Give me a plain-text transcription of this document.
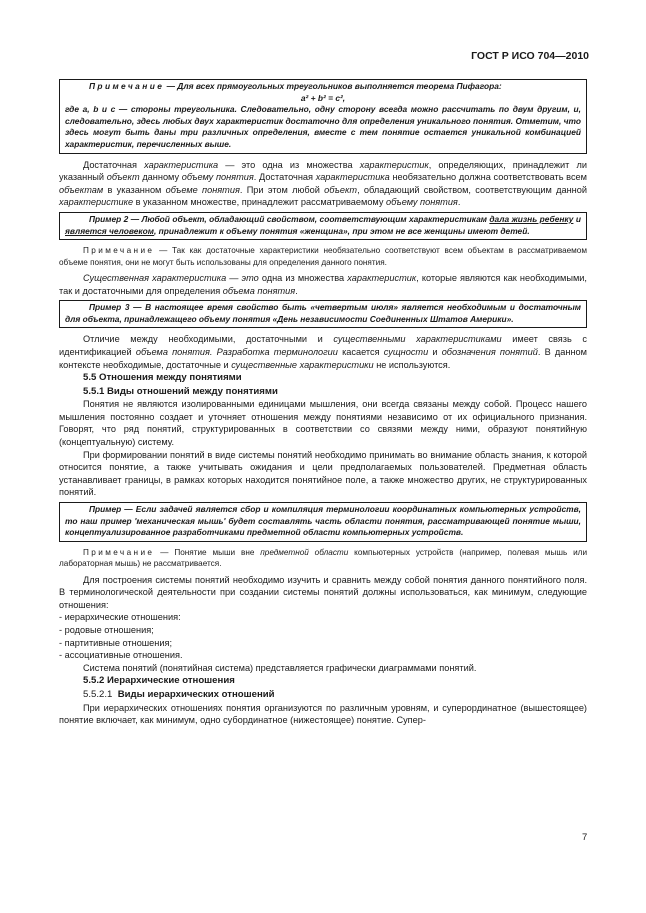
ГОСТ Р ИСО 704—2010

Примечание — Для всех прямоугольных треугольников выполняется теорема Пифагора:

a² + b² = c²,

где a, b и c — стороны треугольника. Следовательно, одну сторону всегда можно рассчитать по двум другим, и, следовательно, здесь любых двух характеристик достаточно для определения уникального понятия. Отметим, что здесь могут быть даны три различных определения, вместе с тем понятие остается уникальной комбинацией характеристик, перечисленных выше.

Достаточная характеристика — это одна из множества характеристик, определяющих, принадлежит ли указанный объект данному объему понятия. Достаточная характеристика необязательно должна соответствовать всем объектам в указанном объеме понятия. При этом любой объект, обладающий свойством, соответствующим данной характеристике в указанном множестве, принадлежит рассматриваемому объему понятия.

Пример 2 — Любой объект, обладающий свойством, соответствующим характеристикам дала жизнь ребенку и является человеком, принадлежит к объему понятия «женщина», при этом не все женщины имеют детей.

Примечание — Так как достаточные характеристики необязательно соответствуют всем объектам в рассматриваемом объеме понятия, они не могут быть использованы для определения данного понятия.

Существенная характеристика — это одна из множества характеристик, которые являются как необходимыми, так и достаточными для определения объема понятия.

Пример 3 — В настоящее время свойство быть «четвертым июля» является необходимым и достаточным для объекта, принадлежащего объему понятия «День независимости Соединенных Штатов Америки».

Отличие между необходимыми, достаточными и существенными характеристиками имеет связь с идентификацией объема понятия. Разработка терминологии касается сущности и обозначения понятий. В данном контексте необходимые, достаточные и существенные характеристики не используются.

5.5 Отношения между понятиями
5.5.1 Виды отношений между понятиями

Понятия не являются изолированными единицами мышления, они всегда связаны между собой. Процесс нашего мышления постоянно создает и уточняет отношения между понятиями независимо от их официального признания. Говорят, что ряд понятий, структурированных в соответствии со связями между ними, образуют понятийную (концептуальную) систему.

При формировании понятий в виде системы понятий необходимо принимать во внимание область знания, к которой относится понятие, а также учитывать ожидания и цели предполагаемых пользователей. Предметная область устанавливает границы, в рамках которых находится понятийное поле, а также множество других, не структурированных понятий.

Пример — Если задачей является сбор и компиляция терминологии координатных компьютерных устройств, то наш пример 'механическая мышь' будет составлять часть области понятия, рассматривающей понятие мыши, концептуализированное разработчиками предметной области компьютерных устройств.

Примечание — Понятие мыши вне предметной области компьютерных устройств (например, полевая мышь или лабораторная мышь) не рассматривается.

Для построения системы понятий необходимо изучить и сравнить между собой понятия данного понятийного поля. В терминологической деятельности при создании системы понятий должны использоваться, как минимум, следующие отношения:

- иерархические отношения:

- родовые отношения;

- партитивные отношения;

- ассоциативные отношения.

Система понятий (понятийная система) представляется графически диаграммами понятий.

5.5.2 Иерархические отношения
5.5.2.1 Виды иерархических отношений

При иерархических отношениях понятия организуются по различным уровням, и суперординатное (вышестоящее) понятие включает, как минимум, одно субординатное (нижестоящее) понятие. Супер-

7
